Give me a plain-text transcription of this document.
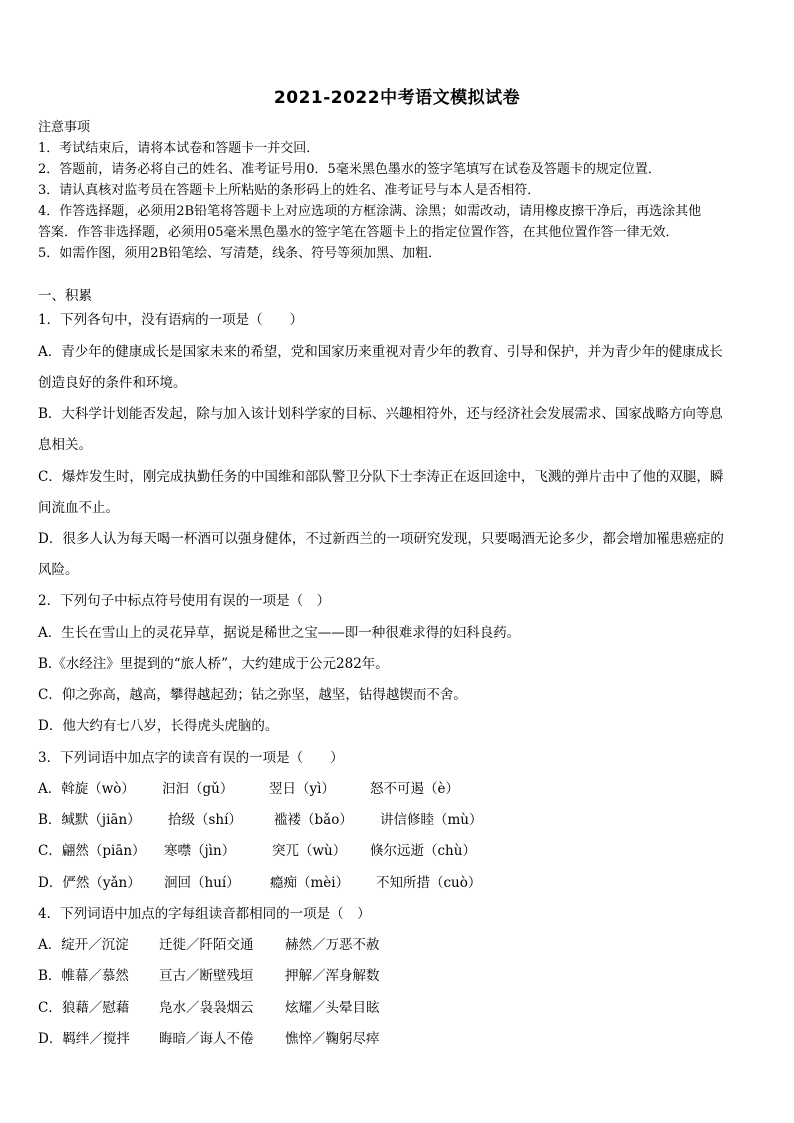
2021-2022中考语文模拟试卷
注意事项
1．考试结束后，请将本试卷和答题卡一并交回．
2．答题前，请务必将自己的姓名、准考证号用0．5毫米黑色墨水的签字笔填写在试卷及答题卡的规定位置．
3．请认真核对监考员在答题卡上所粘贴的条形码上的姓名、准考证号与本人是否相符．
4．作答选择题，必须用2B铅笔将答题卡上对应选项的方框涂满、涂黑；如需改动，请用橡皮擦干净后，再选涂其他
答案．作答非选择题，必须用05毫米黑色墨水的签字笔在答题卡上的指定位置作答，在其他位置作答一律无效．
5．如需作图，须用2B铅笔绘、写清楚，线条、符号等须加黑、加粗．
一、积累
1．下列各句中，没有语病的一项是（　　）
A．青少年的健康成长是国家未来的希望，党和国家历来重视对青少年的教育、引导和保护，并为青少年的健康成长
创造良好的条件和环境。
B．大科学计划能否发起，除与加入该计划科学家的目标、兴趣相符外，还与经济社会发展需求、国家战略方向等息
息相关。
C．爆炸发生时，刚完成执勤任务的中国维和部队警卫分队下士李涛正在返回途中，飞溅的弹片击中了他的双腿，瞬
间流血不止。
D．很多人认为每天喝一杯酒可以强身健体，不过新西兰的一项研究发现，只要喝酒无论多少，都会增加罹患癌症的
风险。
2．下列句子中标点符号使用有误的一项是（　）
A．生长在雪山上的灵花异草，据说是稀世之宝——即一种很难求得的妇科良药。
B.《水经注》里提到的“旅人桥”，大约建成于公元282年。
C．仰之弥高，越高，攀得越起劲；钻之弥坚，越坚，钻得越锲而不舍。
D．他大约有七八岁，长得虎头虎脑的。
3．下列词语中加点字的读音有误的一项是（　　）
A．斡旋（wò） 汩汩（gǔ）	翌日（yì）	怒不可遏（è）
B．缄默（jiān） 拾级（shí） 褴褛（bǎo） 讲信修睦（mù）
C．翩然（piān） 寒噤（jìn）	突兀（wù） 倏尔远逝（chù）
D．俨然（yǎn） 洄回（huí） 瘾痴（mèi） 不知所措（cuò）
4．下列词语中加点的字每组读音都相同的一项是（　）
A．绽开／沉淀 迁徙／阡陌交通 赫然／万恶不赦
B．帷幕／慕然 亘古／断壁残垣 押解／浑身解数
C．狼藉／慰藉 凫水／袅袅烟云 炫耀／头晕目眩
D．羁绊／搅拌 晦暗／诲人不倦 憔悴／鞠躬尽瘁
